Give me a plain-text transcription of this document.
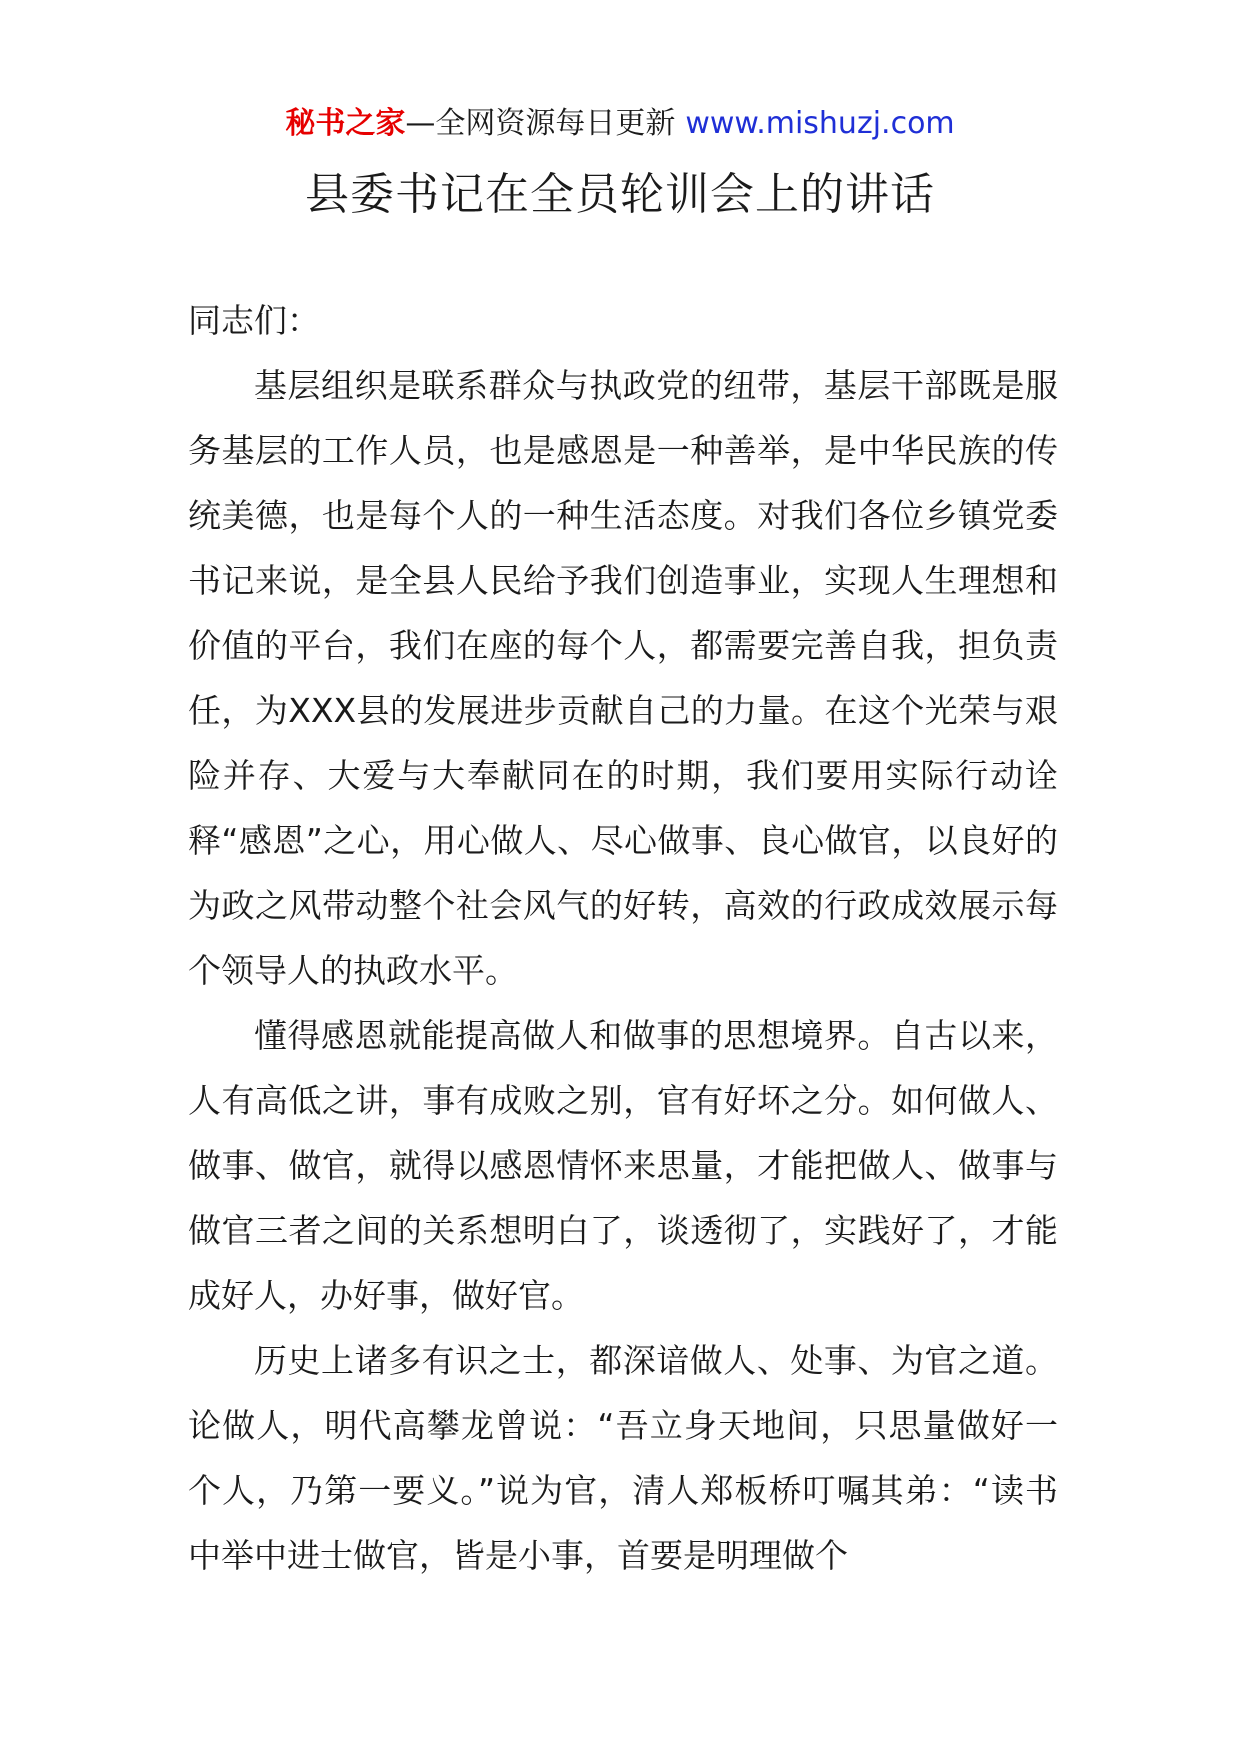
秘书之家—全网资源每日更新 www.mishuzj.com
县委书记在全员轮训会上的讲话

同志们：

基层组织是联系群众与执政党的纽带，基层干部既是服务基层的工作人员，也是感恩是一种善举，是中华民族的传统美德，也是每个人的一种生活态度。对我们各位乡镇党委书记来说，是全县人民给予我们创造事业，实现人生理想和价值的平台，我们在座的每个人，都需要完善自我，担负责任，为XXX县的发展进步贡献自己的力量。在这个光荣与艰险并存、大爱与大奉献同在的时期，我们要用实际行动诠释“感恩”之心，用心做人、尽心做事、良心做官，以良好的为政之风带动整个社会风气的好转，高效的行政成效展示每个领导人的执政水平。

懂得感恩就能提高做人和做事的思想境界。自古以来，人有高低之讲，事有成败之别，官有好坏之分。如何做人、做事、做官，就得以感恩情怀来思量，才能把做人、做事与做官三者之间的关系想明白了，谈透彻了，实践好了，才能成好人，办好事，做好官。

历史上诸多有识之士，都深谙做人、处事、为官之道。论做人，明代高攀龙曾说：“吾立身天地间，只思量做好一个人，乃第一要义。”说为官，清人郑板桥叮嘱其弟：“读书中举中进士做官，皆是小事，首要是明理做个
